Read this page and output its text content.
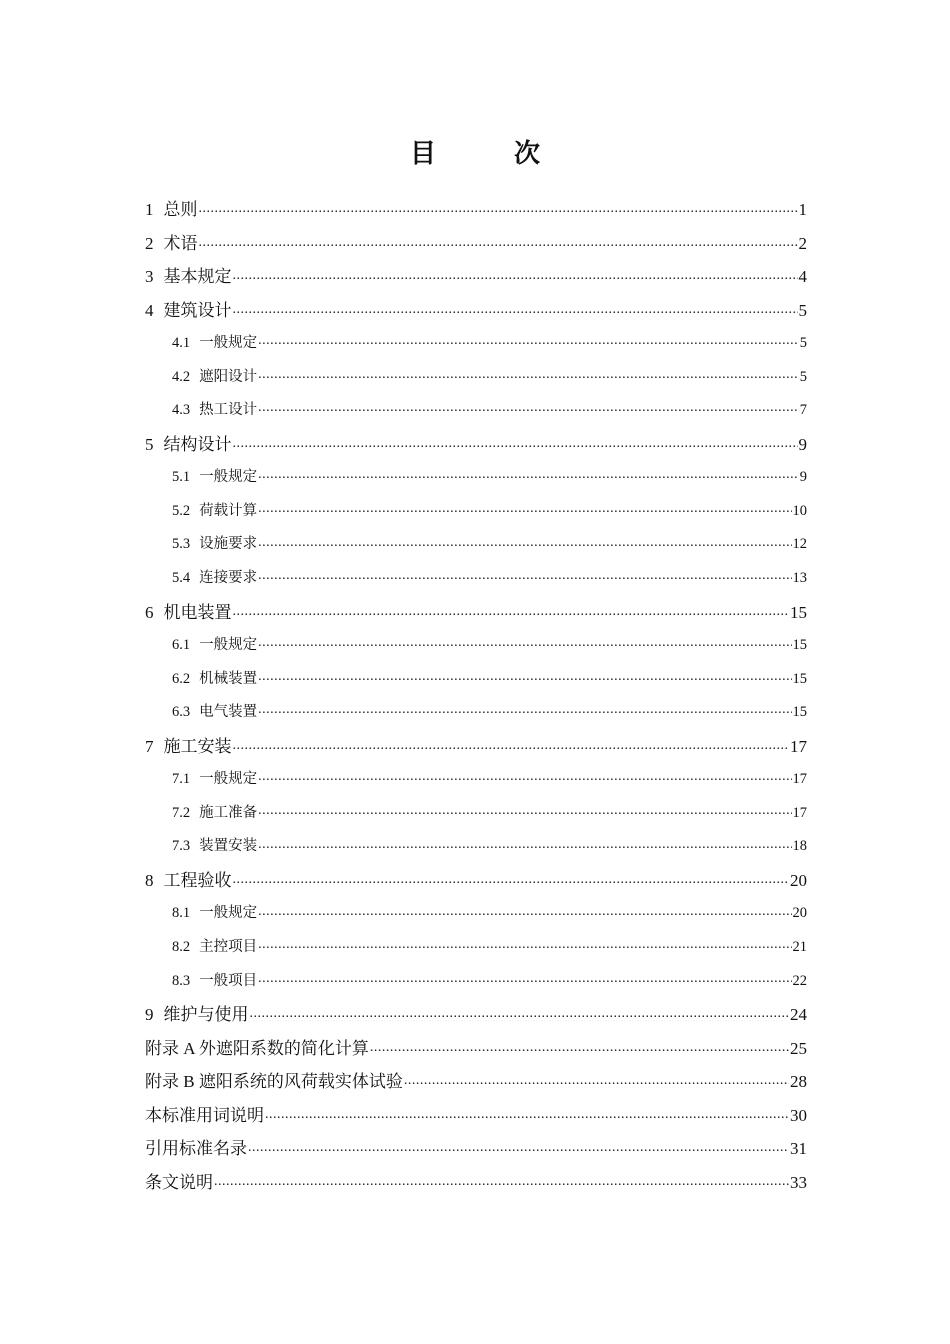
目　次
1 总则 .....	1
2 术语 .....	2
3 基本规定 .....	4
4 建筑设计 .....	5
4.1 一般规定 .....	5
4.2 遮阳设计 .....	5
4.3 热工设计 .....	7
5 结构设计 .....	9
5.1 一般规定 .....	9
5.2 荷载计算 .....	10
5.3 设施要求 .....	12
5.4 连接要求 .....	13
6 机电装置 .....	15
6.1 一般规定 .....	15
6.2 机械装置 .....	15
6.3 电气装置 .....	15
7 施工安装 .....	17
7.1 一般规定 .....	17
7.2 施工准备 .....	17
7.3 装置安装 .....	18
8 工程验收 .....	20
8.1 一般规定 .....	20
8.2 主控项目 .....	21
8.3 一般项目 .....	22
9 维护与使用 .....	24
附录 A 外遮阳系数的简化计算 .....	25
附录 B 遮阳系统的风荷载实体试验 .....	28
本标准用词说明 .....	30
引用标准名录 .....	31
条文说明 .....	33
